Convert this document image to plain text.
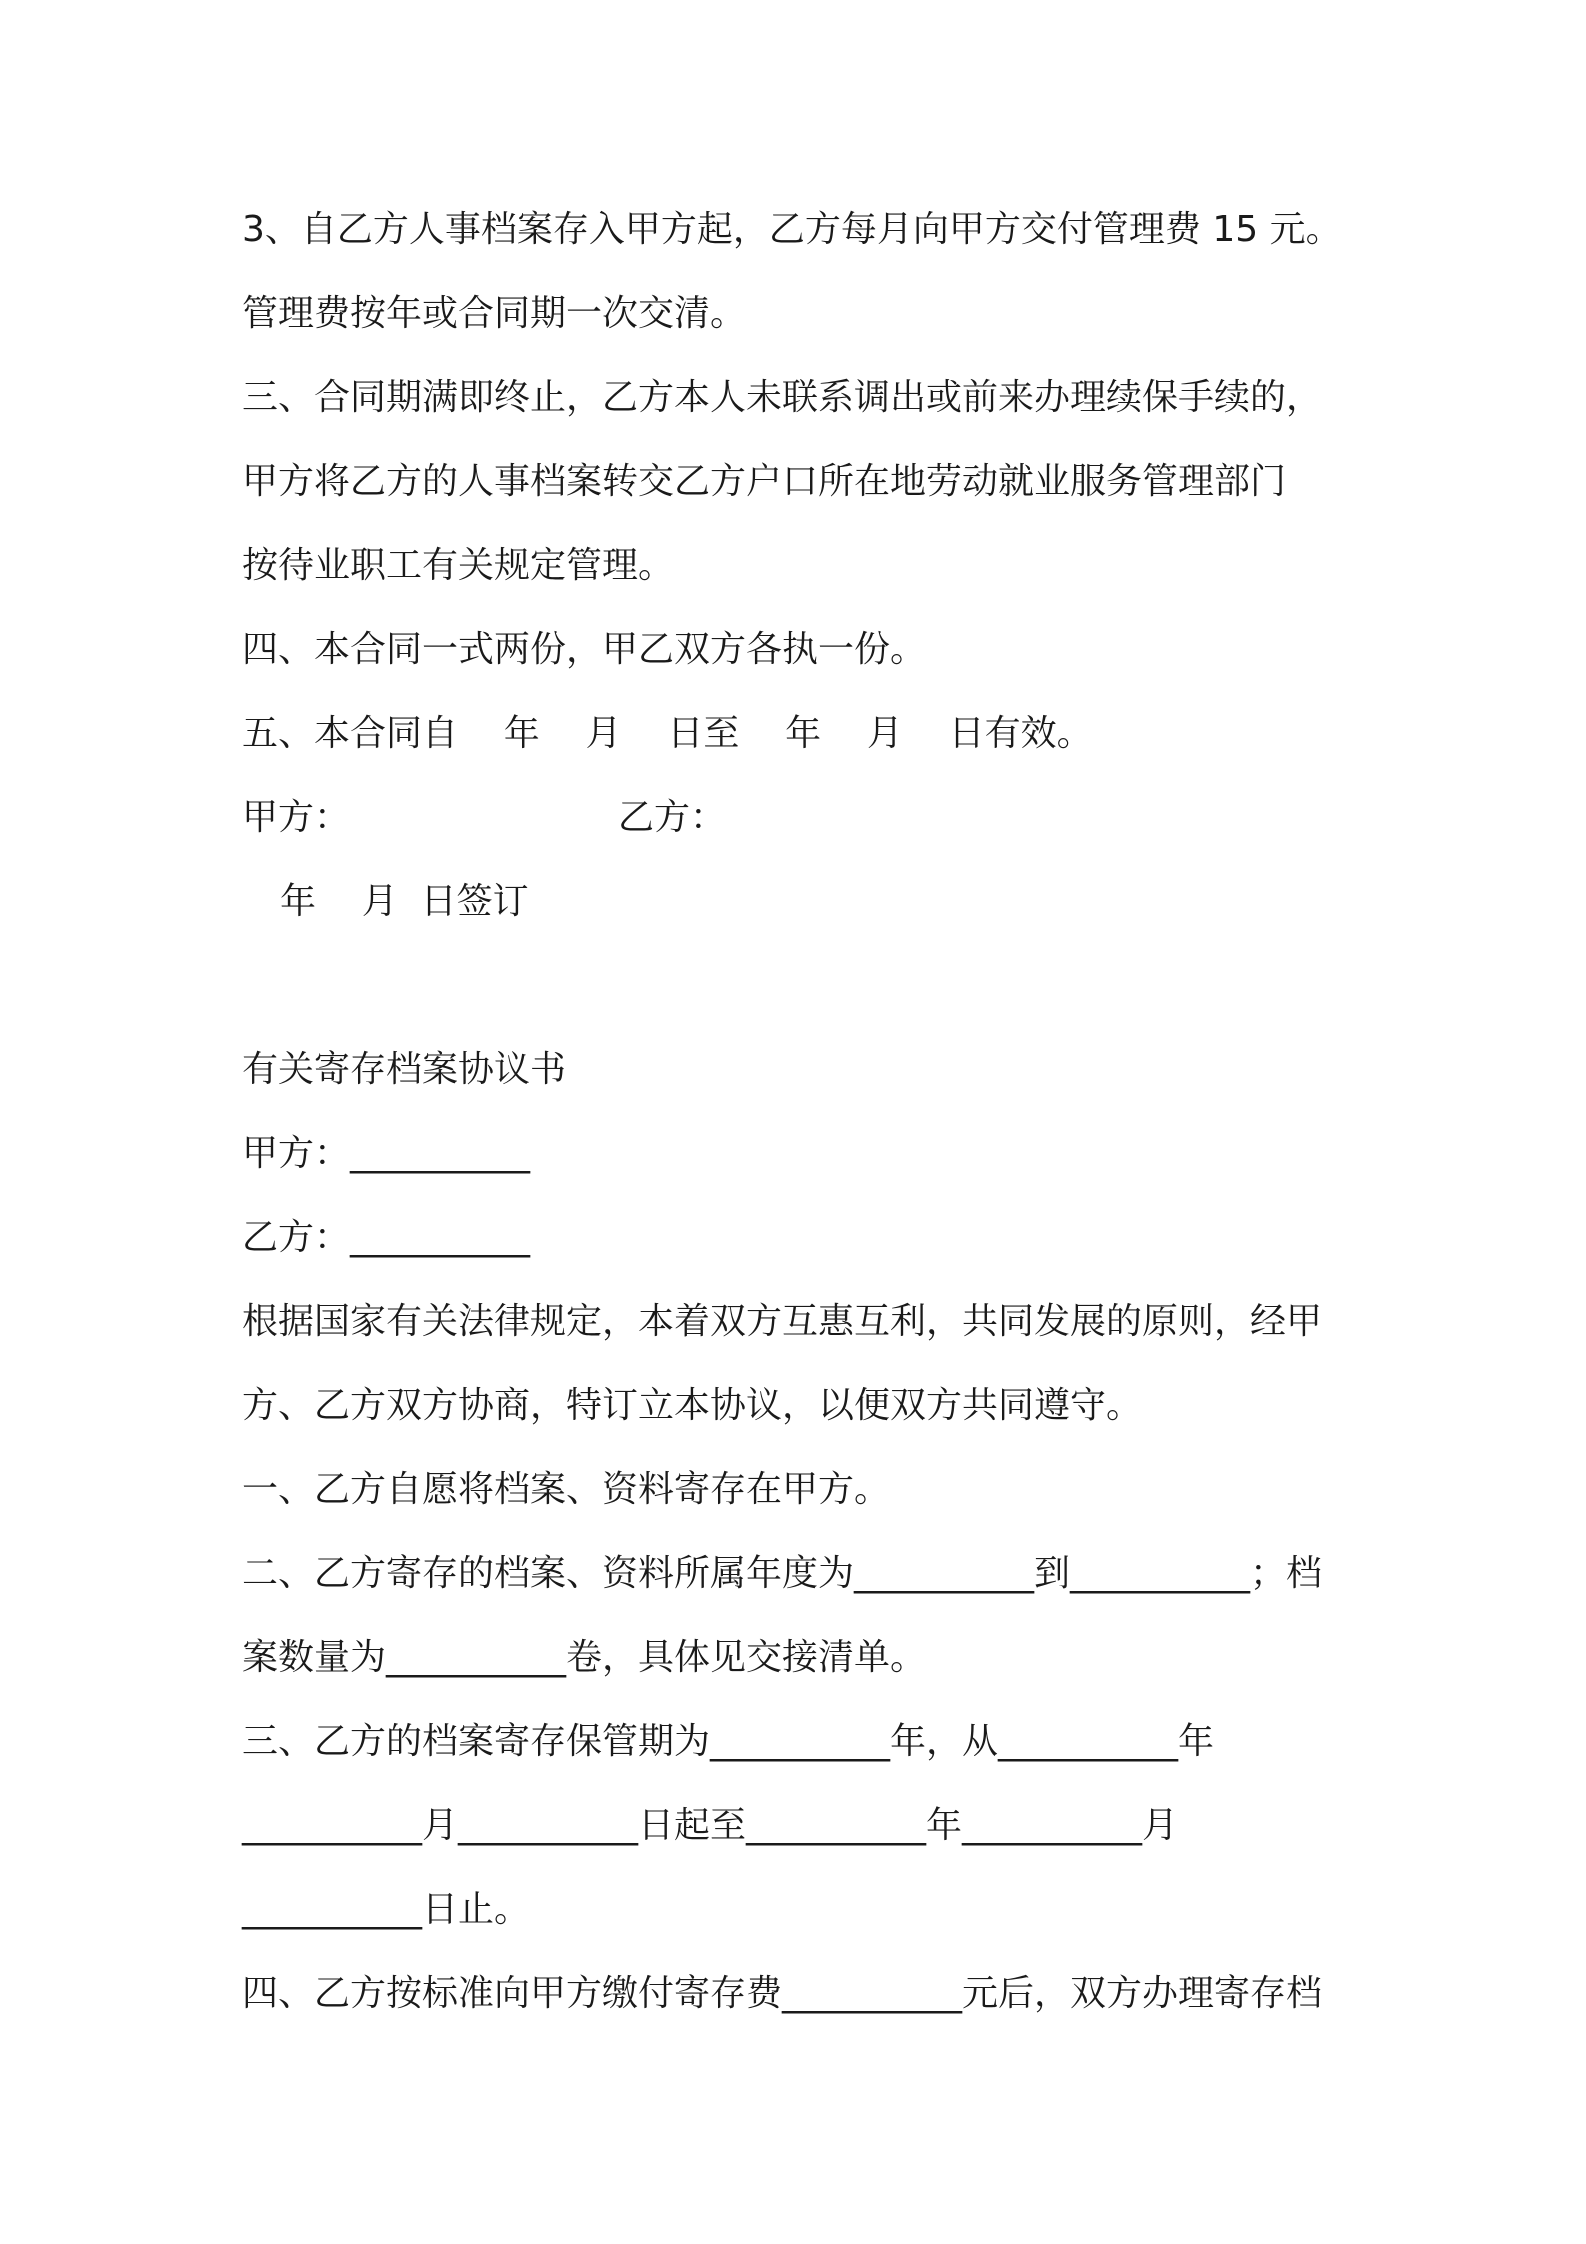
3、自乙方人事档案存入甲方起，乙方每月向甲方交付管理费 15 元。
管理费按年或合同期一次交清。
三、合同期满即终止，乙方本人未联系调出或前来办理续保手续的，
甲方将乙方的人事档案转交乙方户口所在地劳动就业服务管理部门
按待业职工有关规定管理。
四、本合同一式两份，甲乙双方各执一份。
五、本合同自    年    月    日至    年    月    日有效。
甲方：	乙方：
年    月  日签订
有关寄存档案协议书
甲方：__________
乙方：__________
根据国家有关法律规定，本着双方互惠互利，共同发展的原则，经甲
方、乙方双方协商，特订立本协议，以便双方共同遵守。
一、乙方自愿将档案、资料寄存在甲方。
二、乙方寄存的档案、资料所属年度为__________到__________；档
案数量为__________卷，具体见交接清单。
三、乙方的档案寄存保管期为__________年，从__________年
__________月__________日起至__________年__________月
__________日止。
四、乙方按标准向甲方缴付寄存费__________元后，双方办理寄存档
